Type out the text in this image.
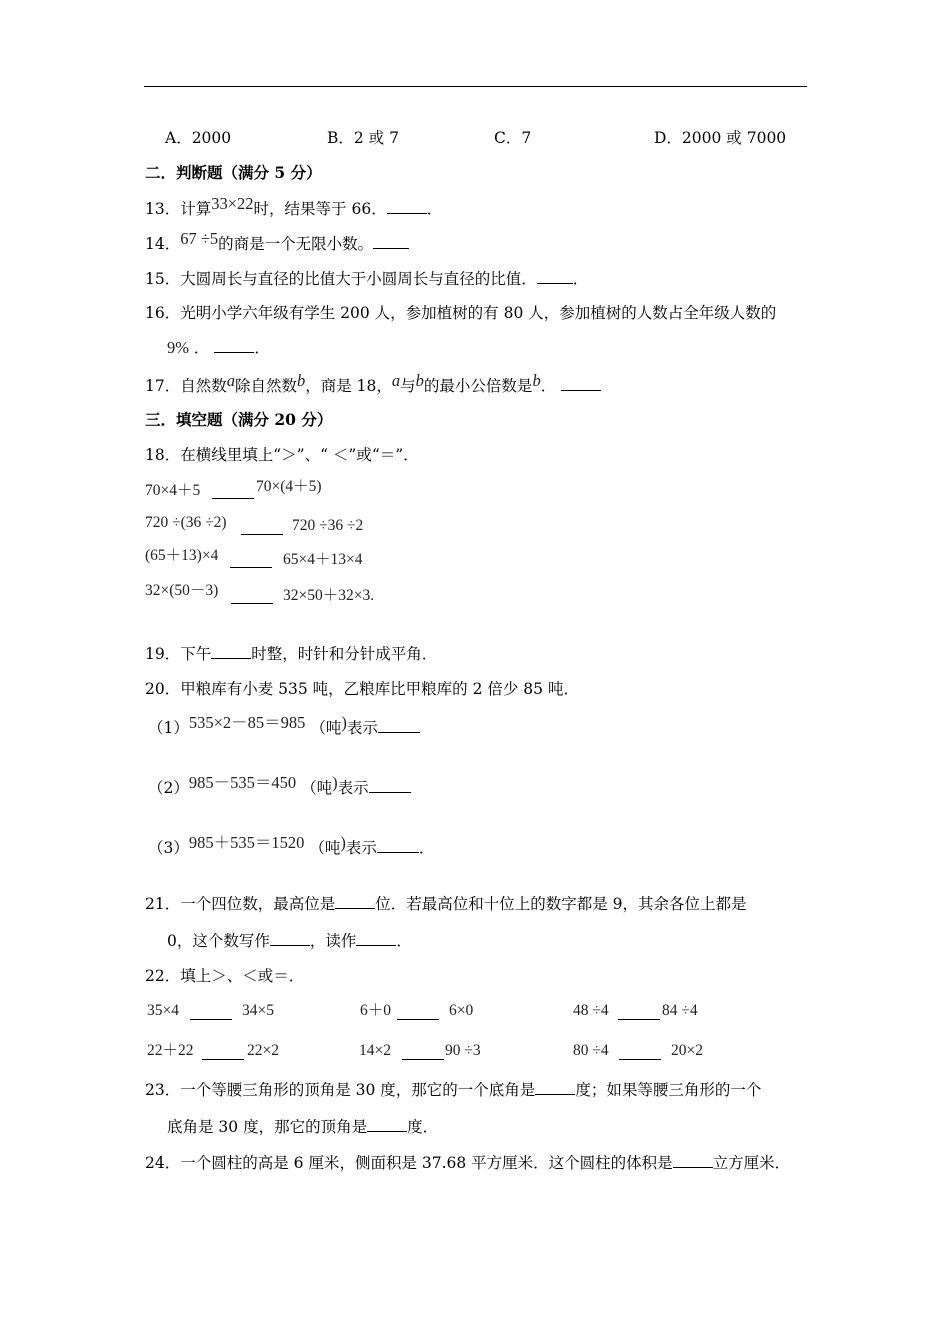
A．2000	B．2 或 7	C．7	D．2000 或 7000
二．判断题（满分 5 分）
13．计算33×22时，结果等于 66．	．
14．67 ÷5的商是一个无限小数。
15．大圆周长与直径的比值大于小圆周长与直径的比值． ．
16．光明小学六年级有学生 200 人，参加植树的有 80 人，参加植树的人数占全年级人数的
9% ．	．
17．自然数a除自然数b，商是 18，a与b的最小公倍数是b．
三．填空题（满分 20 分）
18．在横线里填上“＞”、“ ＜”或“＝”．
70×4＋5	70×(4＋5)
720 ÷(36 ÷2)	720 ÷36 ÷2
(65＋13)×4	65×4＋13×4
32×(50－3)	32×50＋32×3.
19．下午	时整，时针和分针成平角．
20．甲粮库有小麦 535 吨，乙粮库比甲粮库的 2 倍少 85 吨．
（1）535×2－85＝985 （吨)表示
（2）985－535＝450 （吨)表示
（3）985＋535＝1520 （吨)表示	．
21．一个四位数，最高位是	位．若最高位和十位上的数字都是 9，其余各位上都是
0，这个数写作	，读作	．
22．填上＞、＜或＝．
35×4	34×5	6＋0	6×0	48 ÷4	84 ÷4
22＋22	22×2	14×2	90 ÷3	80 ÷4	20×2
23．一个等腰三角形的顶角是 30 度，那它的一个底角是	度；如果等腰三角形的一个
底角是 30 度，那它的顶角是	度．
24．一个圆柱的高是 6 厘米，侧面积是 37.68 平方厘米．这个圆柱的体积是	立方厘米．
